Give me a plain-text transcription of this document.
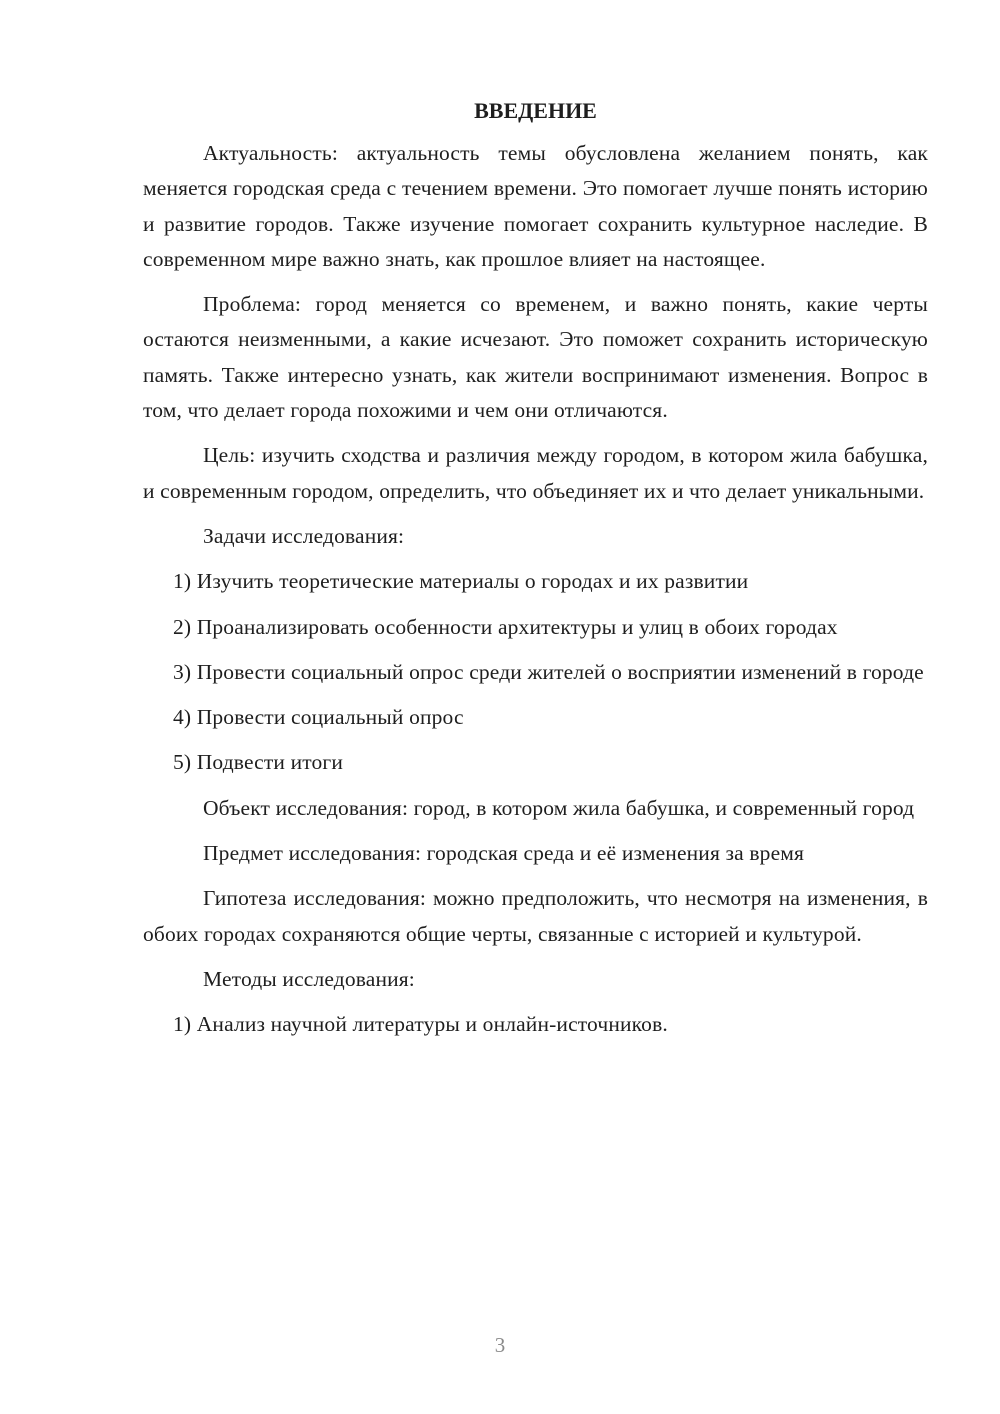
ВВЕДЕНИЕ
Актуальность: актуальность темы обусловлена желанием понять, как меняется городская среда с течением времени. Это помогает лучше понять историю и развитие городов. Также изучение помогает сохранить культурное наследие. В современном мире важно знать, как прошлое влияет на настоящее.
Проблема: город меняется со временем, и важно понять, какие черты остаются неизменными, а какие исчезают. Это поможет сохранить историческую память. Также интересно узнать, как жители воспринимают изменения. Вопрос в том, что делает города похожими и чем они отличаются.
Цель: изучить сходства и различия между городом, в котором жила бабушка, и современным городом, определить, что объединяет их и что делает уникальными.
Задачи исследования:
1) Изучить теоретические материалы о городах и их развитии
2) Проанализировать особенности архитектуры и улиц в обоих городах
3) Провести социальный опрос среди жителей о восприятии изменений в городе
4) Провести социальный опрос
5) Подвести итоги
Объект исследования: город, в котором жила бабушка, и современный город
Предмет исследования: городская среда и её изменения за время
Гипотеза исследования: можно предположить, что несмотря на изменения, в обоих городах сохраняются общие черты, связанные с историей и культурой.
Методы исследования:
1) Анализ научной литературы и онлайн-источников.
3
